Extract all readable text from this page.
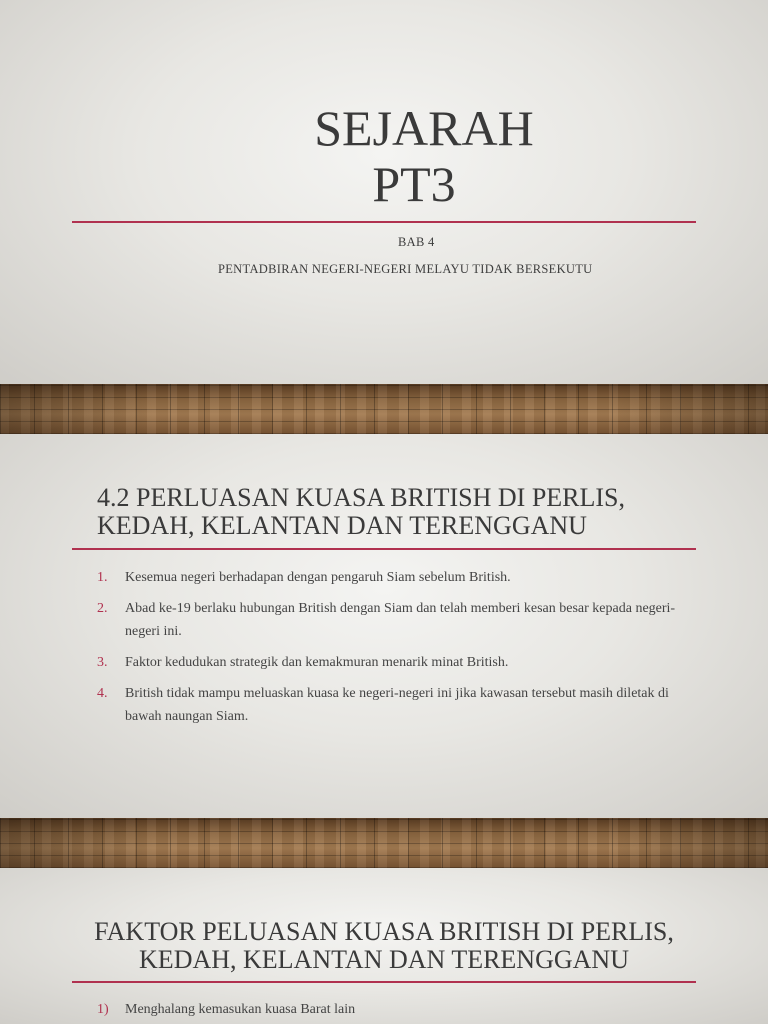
SEJARAH
PT3

BAB 4

PENTADBIRAN NEGERI-NEGERI MELAYU TIDAK BERSEKUTU

4.2 PERLUASAN KUASA BRITISH DI PERLIS,
KEDAH, KELANTAN DAN TERENGGANU
1. Kesemua negeri berhadapan dengan pengaruh Siam sebelum British.
2. Abad ke-19 berlaku hubungan British dengan Siam dan telah memberi kesan besar kepada negeri-negeri ini.
3. Faktor kedudukan strategik dan kemakmuran menarik minat British.
4. British tidak mampu meluaskan kuasa ke negeri-negeri ini jika kawasan tersebut masih diletak di bawah naungan Siam.
FAKTOR PELUASAN KUASA BRITISH DI PERLIS,
KEDAH, KELANTAN DAN TERENGGANU
1) Menghalang kemasukan kuasa Barat lain
